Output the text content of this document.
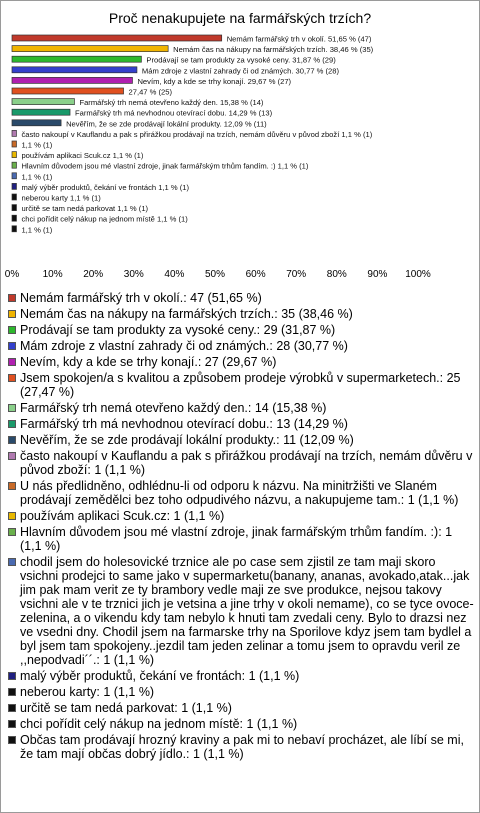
Proč nenakupujete na farmářských trzích?
Nemám farmářský trh v okolí. 51,65 % (47)
Nemám čas na nákupy na farmářských trzích. 38,46 % (35)
Prodávají se tam produkty za vysoké ceny. 31,87 % (29)
Mám zdroje z vlastní zahrady či od známých. 30,77 % (28)
Nevím, kdy a kde se trhy konají. 29,67 % (27)
27,47 % (25)
Farmářský trh nemá otevřeno každý den. 15,38 % (14)
Farmářský trh má nevhodnou otevírací dobu. 14,29 % (13)
Nevěřím, že se zde prodávají lokální produkty. 12,09 % (11)
často nakoupí v Kauflandu a pak s přirážkou prodávají na trzích, nemám důvěru v původ zboží 1,1 % (1)
1,1 % (1)
používám aplikaci Scuk.cz 1,1 % (1)
Hlavním důvodem jsou mé vlastní zdroje, jinak farmářským trhům fandím. :) 1,1 % (1)
1,1 % (1)
malý výběr produktů, čekání ve frontách 1,1 % (1)
neberou karty 1,1 % (1)
určitě se tam nedá parkovat 1,1 % (1)
chci pořídit celý nákup na jednom místě 1,1 % (1)
1,1 % (1)
0% 10% 20% 30% 40% 50% 60% 70% 80% 90% 100%
Nemám farmářský trh v okolí.: 47 (51,65 %)
Nemám čas na nákupy na farmářských trzích.: 35 (38,46 %)
Prodávají se tam produkty za vysoké ceny.: 29 (31,87 %)
Mám zdroje z vlastní zahrady či od známých.: 28 (30,77 %)
Nevím, kdy a kde se trhy konají.: 27 (29,67 %)
Jsem spokojen/a s kvalitou a způsobem prodeje výrobků v supermarketech.: 25 (27,47 %)
Farmářský trh nemá otevřeno každý den.: 14 (15,38 %)
Farmářský trh má nevhodnou otevírací dobu.: 13 (14,29 %)
Nevěřím, že se zde prodávají lokální produkty.: 11 (12,09 %)
často nakoupí v Kauflandu a pak s přirážkou prodávají na trzích, nemám důvěru v původ zboží: 1 (1,1 %)
U nás předlidněno, odhlédnu-li od odporu k názvu. Na minitržišti ve Slaném prodávají zemědělci bez toho odpudivého názvu, a nakupujeme tam.: 1 (1,1 %)
používám aplikaci Scuk.cz: 1 (1,1 %)
Hlavním důvodem jsou mé vlastní zdroje, jinak farmářským trhům fandím. :): 1 (1,1 %)
chodil jsem do holesovické trznice ale po case sem zjistil ze tam maji skoro vsichni prodejci to same jako v supermarketu(banany, ananas, avokado,atak...jak jim pak mam verit ze ty brambory vedle maji ze sve produkce, nejsou takovy vsichni ale v te trznici jich je vetsina a jine trhy v okoli nemame), co se tyce ovoce-zelenina, a o vikendu kdy tam nebylo k hnuti tam zvedali ceny. Bylo to drazsi nez ve vsedni dny. Chodil jsem na farmarske trhy na Sporilove kdyz jsem tam bydlel a byl jsem tam spokojeny..jezdil tam jeden zelinar a tomu jsem to opravdu veril ze ,,nepodvadi´´.: 1 (1,1 %)
malý výběr produktů, čekání ve frontách: 1 (1,1 %)
neberou karty: 1 (1,1 %)
určitě se tam nedá parkovat: 1 (1,1 %)
chci pořídit celý nákup na jednom místě: 1 (1,1 %)
Občas tam prodávají hrozný kraviny a pak mi to nebaví procházet, ale líbí se mi, že tam mají občas dobrý jídlo.: 1 (1,1 %)
